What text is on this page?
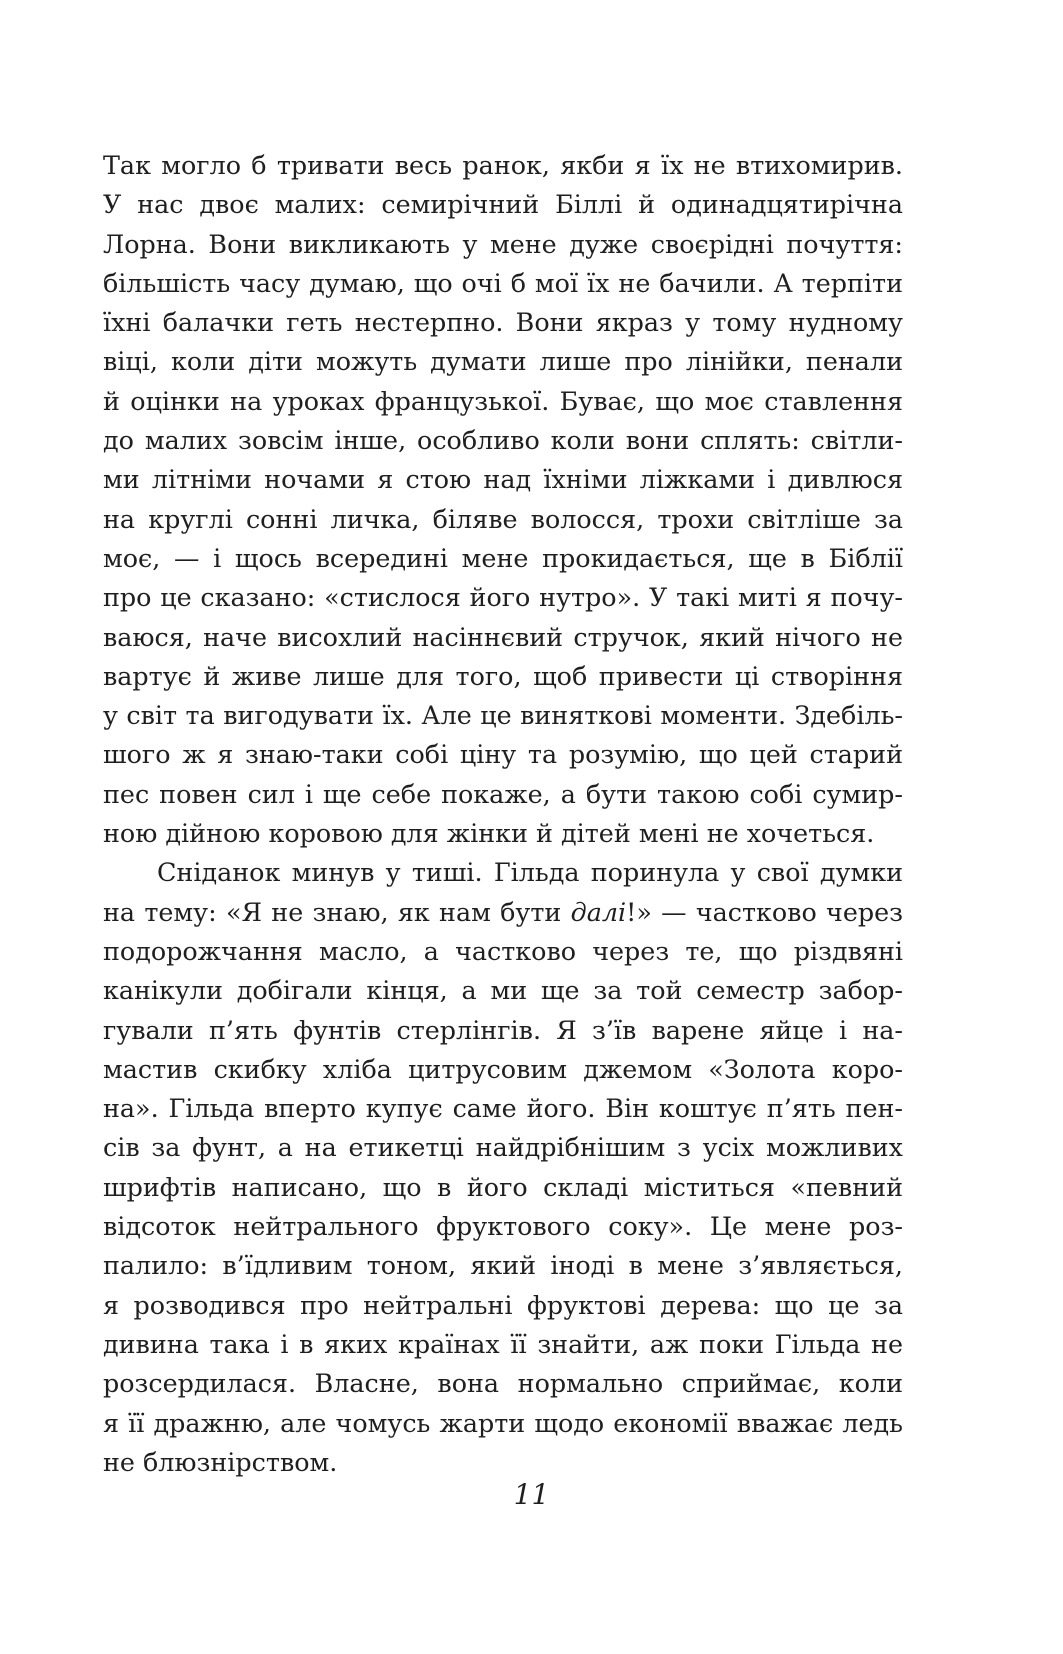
Так могло б тривати весь ранок, якби я їх не втихомирив.
У нас двоє малих: семирічний Біллі й одинадцятирічна
Лорна. Вони викликають у мене дуже своєрідні почуття:
більшість часу думаю, що очі б мої їх не бачили. А терпіти
їхні балачки геть нестерпно. Вони якраз у тому нудному
віці, коли діти можуть думати лише про лінійки, пенали
й оцінки на уроках французької. Буває, що моє ставлення
до малих зовсім інше, особливо коли вони сплять: світли-
ми літніми ночами я стою над їхніми ліжками і дивлюся
на круглі сонні личка, біляве волосся, трохи світліше за
моє, — і щось всередині мене прокидається, ще в Біблії
про це сказано: «стислося його нутро». У такі миті я почу-
ваюся, наче висохлий насіннєвий стручок, який нічого не
вартує й живе лише для того, щоб привести ці створіння
у світ та вигодувати їх. Але це виняткові моменти. Здебіль-
шого ж я знаю-таки собі ціну та розумію, що цей старий
пес повен сил і ще себе покаже, а бути такою собі сумир-
ною дійною коровою для жінки й дітей мені не хочеться.
Сніданок минув у тиші. Гільда поринула у свої думки
на тему: «Я не знаю, як нам бути далі!» — частково через
подорожчання масло, а частково через те, що різдвяні
канікули добігали кінця, а ми ще за той семестр забор-
гували п’ять фунтів стерлінгів. Я з’їв варене яйце і на-
мастив скибку хліба цитрусовим джемом «Золота коро-
на». Гільда вперто купує саме його. Він коштує п’ять пен-
сів за фунт, а на етикетці найдрібнішим з усіх можливих
шрифтів написано, що в його складі міститься «певний
відсоток нейтрального фруктового соку». Це мене роз-
палило: в’їдливим тоном, який іноді в мене з’являється,
я розводився про нейтральні фруктові дерева: що це за
дивина така і в яких країнах її знайти, аж поки Гільда не
розсердилася. Власне, вона нормально сприймає, коли
я її дражню, але чомусь жарти щодо економії вважає ледь
не блюзнірством.
11
